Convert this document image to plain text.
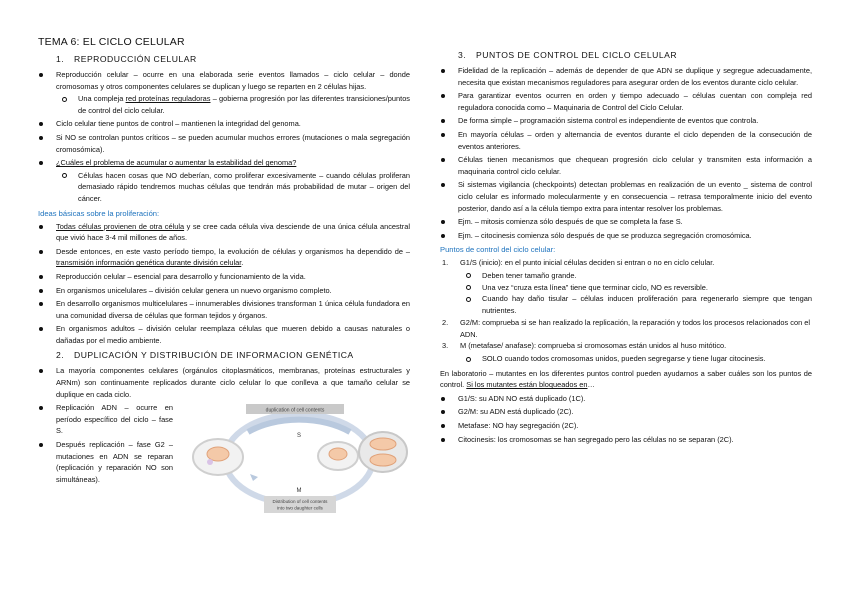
TEMA 6: EL CICLO CELULAR
1. REPRODUCCIÓN CELULAR
Reproducción celular – ocurre en una elaborada serie eventos llamados – ciclo celular – donde cromosomas y otros componentes celulares se duplican y luego se reparten en 2 células hijas.
Una compleja red proteínas reguladoras – gobierna progresión por las diferentes transiciones/puntos de control del ciclo celular.
Ciclo celular tiene puntos de control – mantienen la integridad del genoma.
Si NO se controlan puntos críticos – se pueden acumular muchos errores (mutaciones o mala segregación cromosómica).
¿Cuáles el problema de acumular o aumentar la estabilidad del genoma?
Células hacen cosas que NO deberían, como proliferar excesivamente – cuando células proliferan demasiado rápido tendremos muchas células que tendrán más probabilidad de mutar – origen del cáncer.
Ideas básicas sobre la proliferación:
Todas células provienen de otra célula y se cree cada célula viva desciende de una única célula ancestral que vivió hace 3-4 mil millones de años.
Desde entonces, en este vasto período tiempo, la evolución de células y organismos ha dependido de – transmisión información genética durante división celular.
Reproducción celular – esencial para desarrollo y funcionamiento de la vida.
En organismos unicelulares – división celular genera un nuevo organismo completo.
En desarrollo organismos multicelulares – innumerables divisiones transforman 1 única célula fundadora en una comunidad diversa de células que forman tejidos y órganos.
En organismos adultos – división celular reemplaza células que mueren debido a causas naturales o dañadas por el medio ambiente.
2. DUPLICACIÓN Y DISTRIBUCIÓN DE INFORMACION GENÉTICA
La mayoría componentes celulares (orgánulos citoplasmáticos, membranas, proteínas estructurales y ARNm) son continuamente replicados durante ciclo celular lo que conlleva a que tamaño celular se duplique en cada ciclo.
Replicación ADN – ocurre en período específico del ciclo – fase S.
Después replicación – fase G2 – mutaciones en ADN se reparan (replicación y reparación NO son simultáneas).
duplication of cell contents
S
M
Distribution of cell contents
into two daughter cells
3. PUNTOS DE CONTROL DEL CICLO CELULAR
Fidelidad de la replicación – además de depender de que ADN se duplique y segregue adecuadamente, necesita que existan mecanismos reguladores para asegurar orden de los eventos durante ciclo celular.
Para garantizar eventos ocurren en orden y tiempo adecuado – células cuentan con compleja red reguladora conocida como – Maquinaria de Control del Ciclo Celular.
De forma simple – programación sistema control es independiente de eventos que controla.
En mayoría células – orden y alternancia de eventos durante el ciclo dependen de la consecución de eventos anteriores.
Células tienen mecanismos que chequean progresión ciclo celular y transmiten esta información a maquinaria control ciclo celular.
Si sistemas vigilancia (checkpoints) detectan problemas en realización de un evento _ sistema de control ciclo celular es informado molecularmente y en consecuencia – retrasa temporalmente inicio del evento posterior, dando así a la célula tiempo extra para intentar resolver los problemas.
Ejm. – mitosis comienza sólo después de que se completa la fase S.
Ejm. – citocinesis comienza sólo después de que se produzca segregación cromosómica.
Puntos de control del ciclo celular:
1. G1/S (inicio): en el punto inicial células deciden si entran o no en ciclo celular.
Deben tener tamaño grande.
Una vez “cruza esta línea” tiene que terminar ciclo, NO es reversible.
Cuando hay daño tisular – células inducen proliferación para regenerarlo siempre que tengan nutrientes.
2. G2/M: comprueba si se han realizado la replicación, la reparación y todos los procesos relacionados con el ADN.
3. M (metafase/ anafase): comprueba si cromosomas están unidos al huso mitótico.
SOLO cuando todos cromosomas unidos, pueden segregarse y tiene lugar citocinesis.

En laboratorio – mutantes en los diferentes puntos control pueden ayudarnos a saber cuáles son los puntos de control. Si los mutantes están bloqueados en…

G1/S: su ADN NO está duplicado (1C).
G2/M: su ADN está duplicado (2C).
Metafase: NO hay segregación (2C).
Citocinesis: los cromosomas se han segregado pero las células no se separan (2C).
